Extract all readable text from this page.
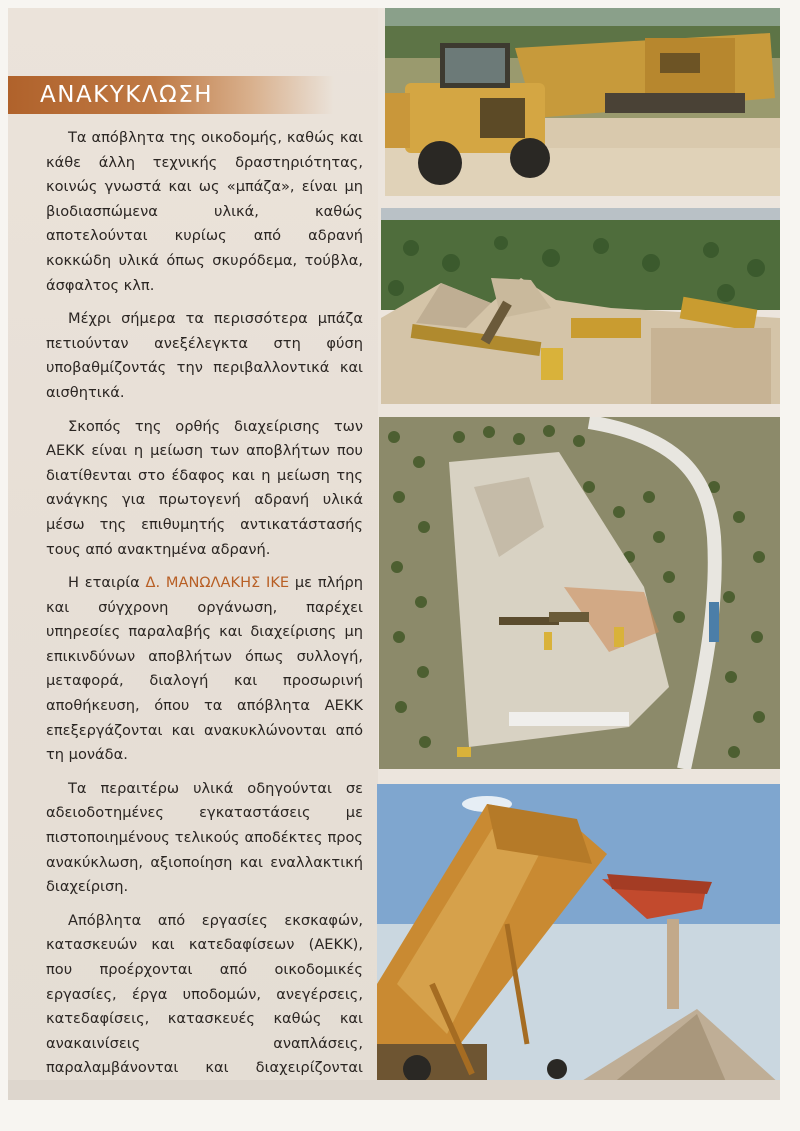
ΑΝΑΚΥΚΛΩΣΗ

Τα απόβλητα της οικοδομής, καθώς και κάθε άλλη τεχνικής δραστηριότητας, κοινώς γνωστά και ως «μπάζα», είναι μη βιοδιασπώμενα υλικά, καθώς αποτελούνται κυρίως από αδρανή κοκκώδη υλικά όπως σκυρόδεμα, τούβλα, άσφαλτος κλπ.

Μέχρι σήμερα τα περισσότερα μπάζα πετιούνταν ανεξέλεγκτα στη φύση υποβαθμίζοντάς την περιβαλλοντικά και αισθητικά.

Σκοπός της ορθής διαχείρισης των ΑΕΚΚ είναι η μείωση των αποβλήτων που διατίθενται στο έδαφος και η μείωση της ανάγκης για πρωτογενή αδρανή υλικά μέσω της επιθυμητής αντικατάστασής τους από ανακτημένα αδρανή.

Η εταιρία Δ. ΜΑΝΩΛΑΚΗΣ ΙΚΕ με πλήρη και σύγχρονη οργάνωση, παρέχει υπηρεσίες παραλαβής και διαχείρισης μη επικινδύνων αποβλήτων όπως συλλογή, μεταφορά, διαλογή και προσωρινή αποθήκευση, όπου τα απόβλητα ΑΕΚΚ επεξεργάζονται και ανακυκλώνονται από τη μονάδα.

Τα περαιτέρω υλικά οδηγούνται σε αδειοδοτημένες εγκαταστάσεις με πιστοποιημένους τελικούς αποδέκτες προς ανακύκλωση, αξιοποίηση και εναλλακτική διαχείριση.

Απόβλητα από εργασίες εκσκαφών, κατασκευών και κατεδαφίσεων (ΑΕΚΚ), που προέρχονται από οικοδομικές εργασίες, έργα υποδομών, ανεγέρσεις, κατεδαφίσεις, κατασκευές καθώς και ανακαινίσεις αναπλάσεις, παραλαμβάνονται και διαχειρίζονται
